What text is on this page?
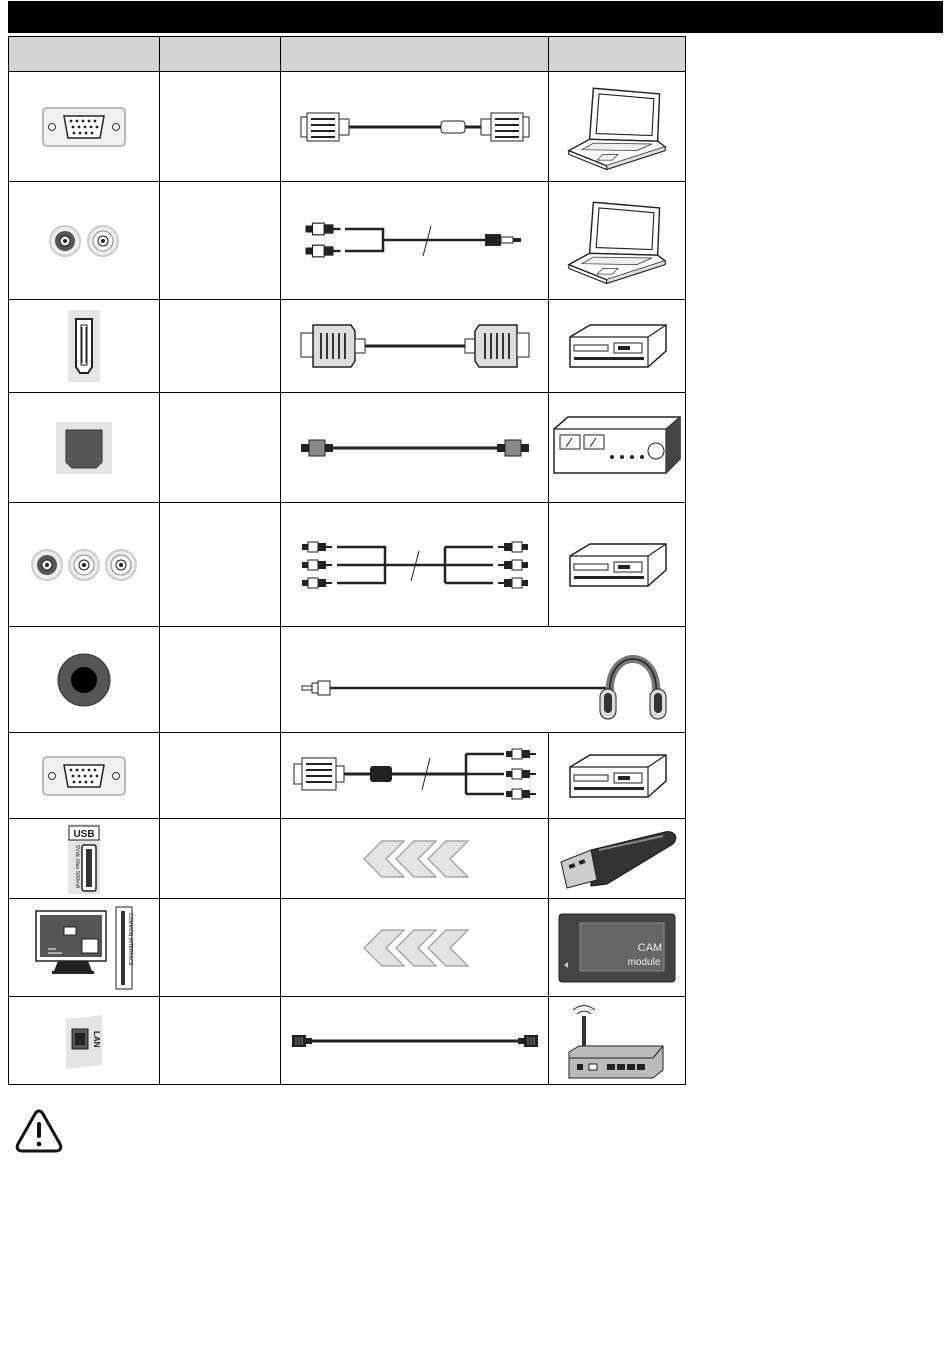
USB
5Vdc Max 500mA

COMMON INTERFACE			CAM
module

LAN
